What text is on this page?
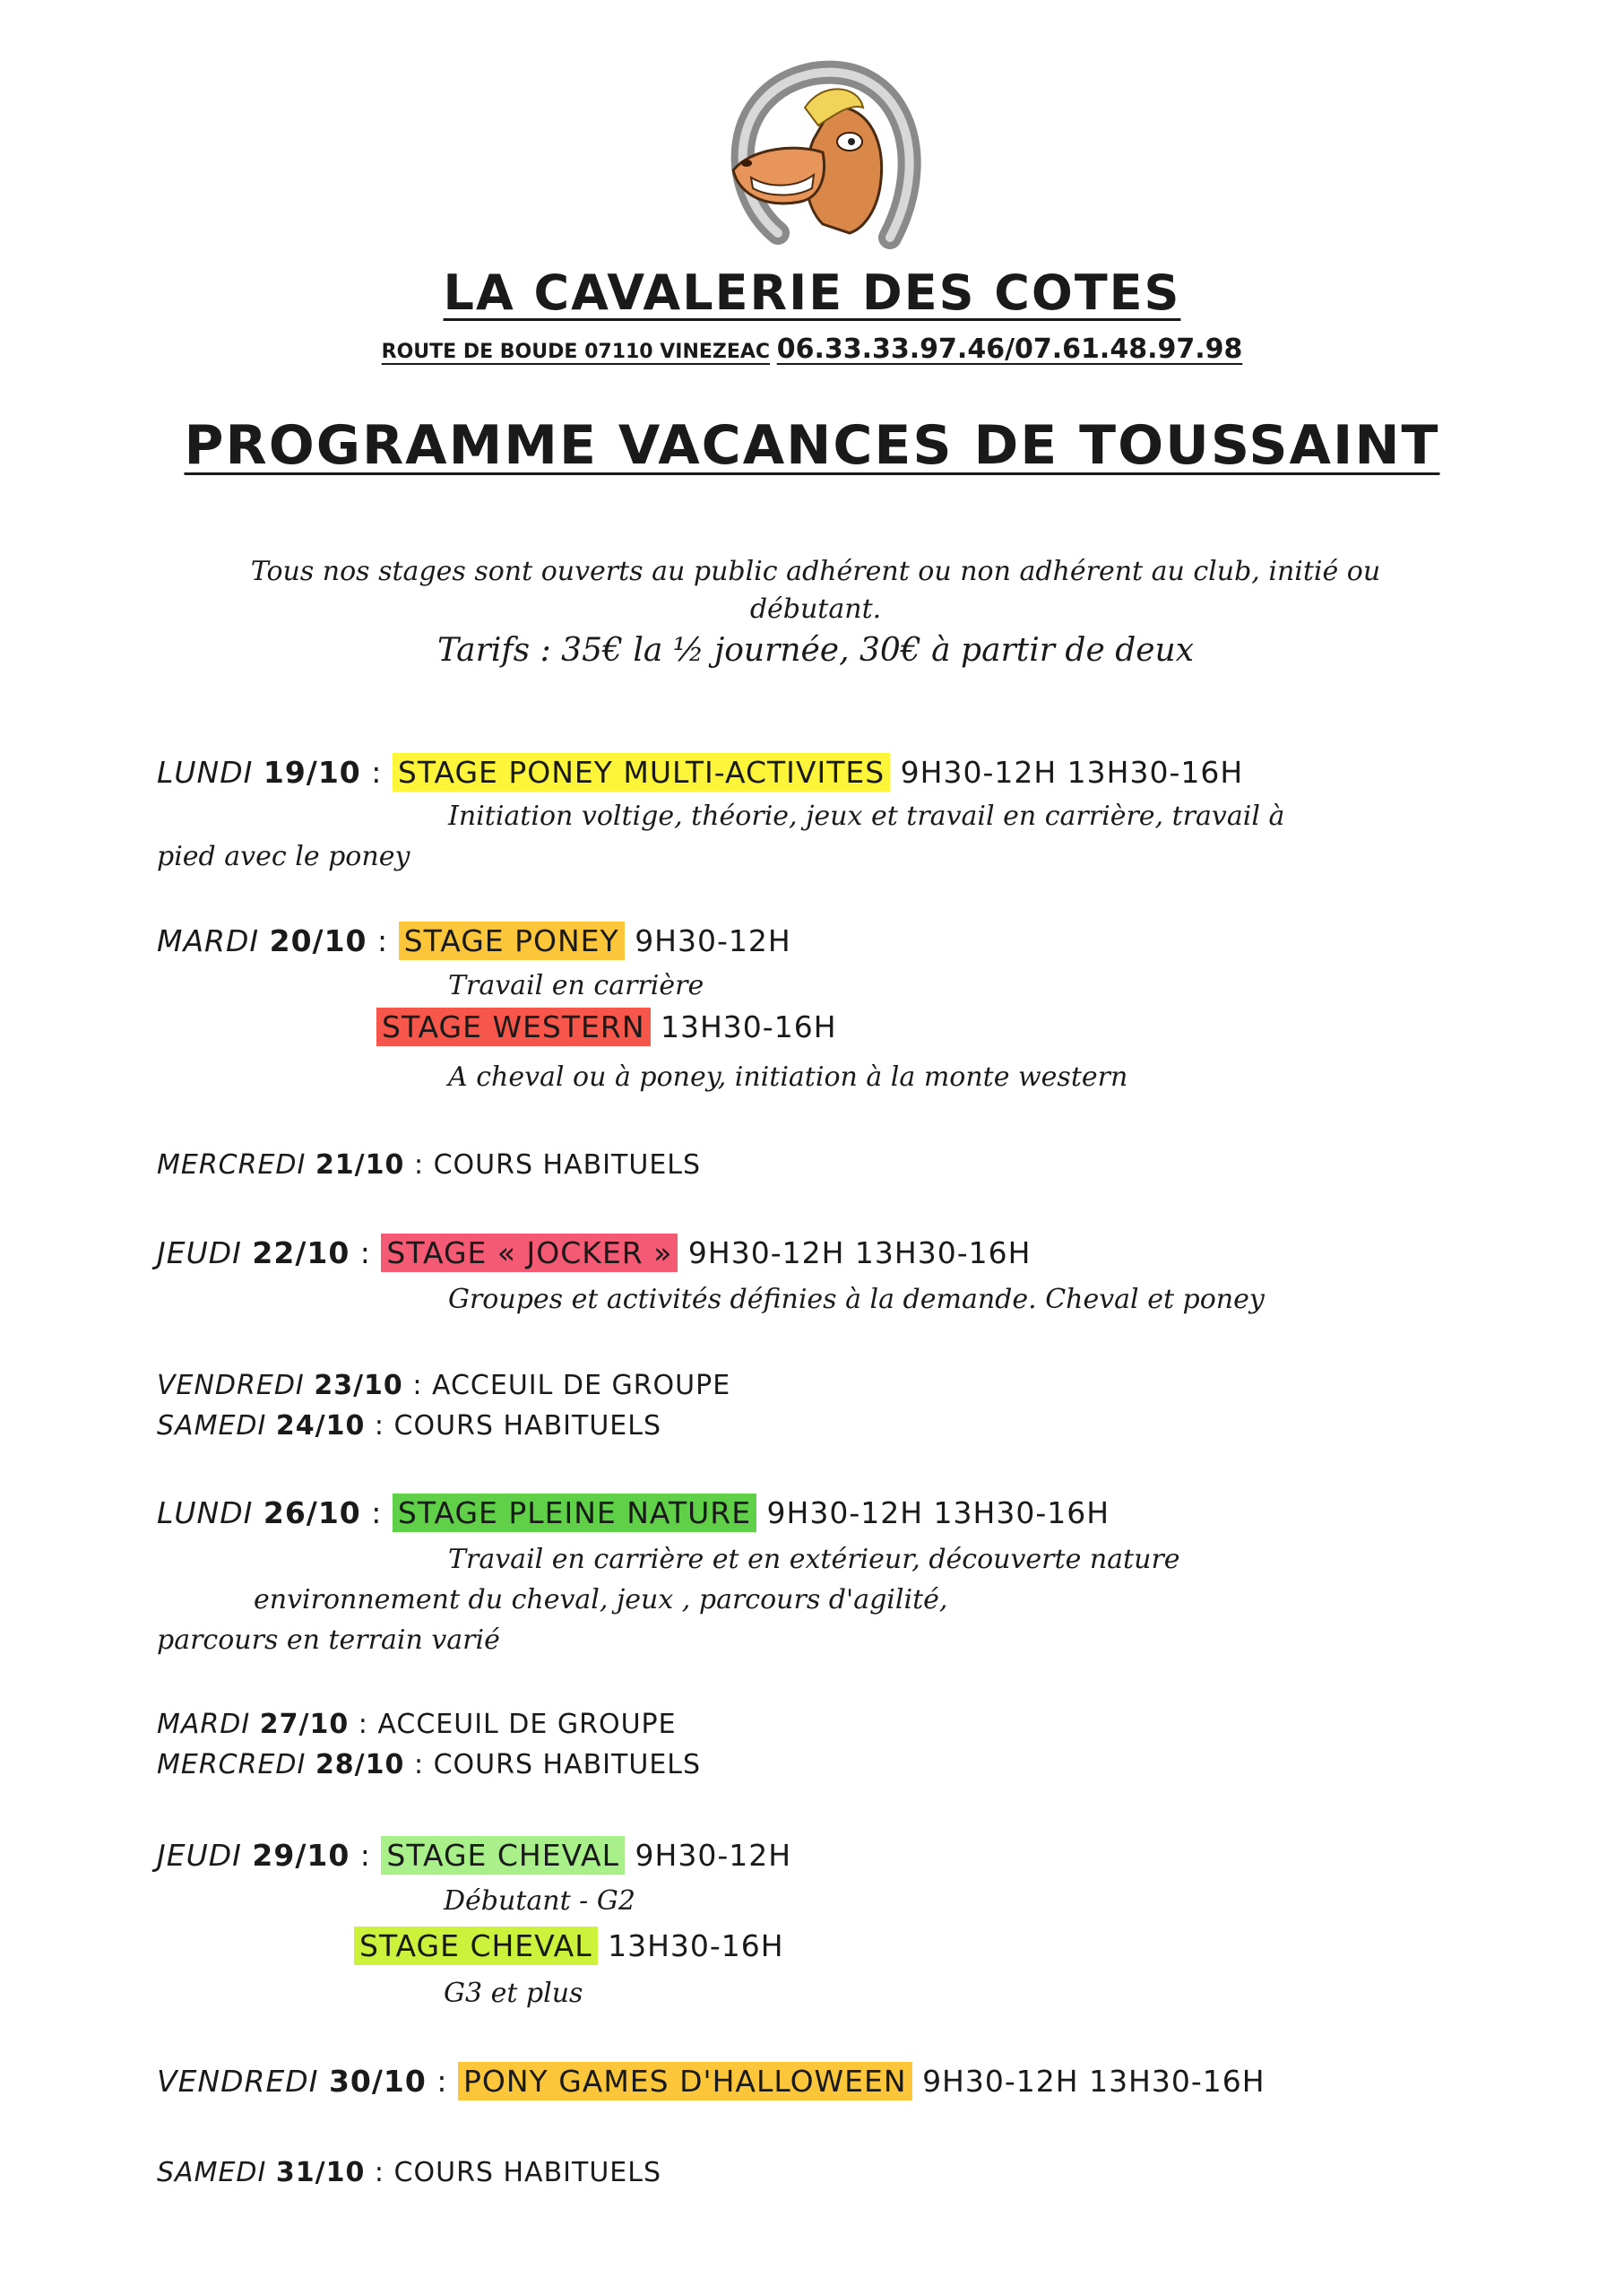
LA CAVALERIE DES COTES
ROUTE DE BOUDE 07110 VINEZEAC 06.33.33.97.46/07.61.48.97.98
PROGRAMME VACANCES DE TOUSSAINT
Tous nos stages sont ouverts au public adhérent ou non adhérent au club, initié ou
débutant.
Tarifs : 35€ la ½ journée, 30€ à partir de deux
LUNDI 19/10 : STAGE PONEY MULTI-ACTIVITES 9H30-12H 13H30-16H
Initiation voltige, théorie, jeux et travail en carrière, travail à
pied avec le poney
MARDI 20/10 : STAGE PONEY 9H30-12H
Travail en carrière
STAGE WESTERN 13H30-16H
A cheval ou à poney, initiation à la monte western
MERCREDI 21/10 : COURS HABITUELS
JEUDI 22/10 : STAGE « JOCKER » 9H30-12H 13H30-16H
Groupes et activités définies à la demande. Cheval et poney
VENDREDI 23/10 : ACCEUIL DE GROUPE
SAMEDI 24/10 : COURS HABITUELS
LUNDI 26/10 : STAGE PLEINE NATURE 9H30-12H 13H30-16H
Travail en carrière et en extérieur, découverte nature
environnement du cheval, jeux , parcours d'agilité,
parcours en terrain varié
MARDI 27/10 : ACCEUIL DE GROUPE
MERCREDI 28/10 : COURS HABITUELS
JEUDI 29/10 : STAGE CHEVAL 9H30-12H
Débutant - G2
STAGE CHEVAL 13H30-16H
G3 et plus
VENDREDI 30/10 : PONY GAMES D'HALLOWEEN 9H30-12H 13H30-16H
SAMEDI 31/10 : COURS HABITUELS
